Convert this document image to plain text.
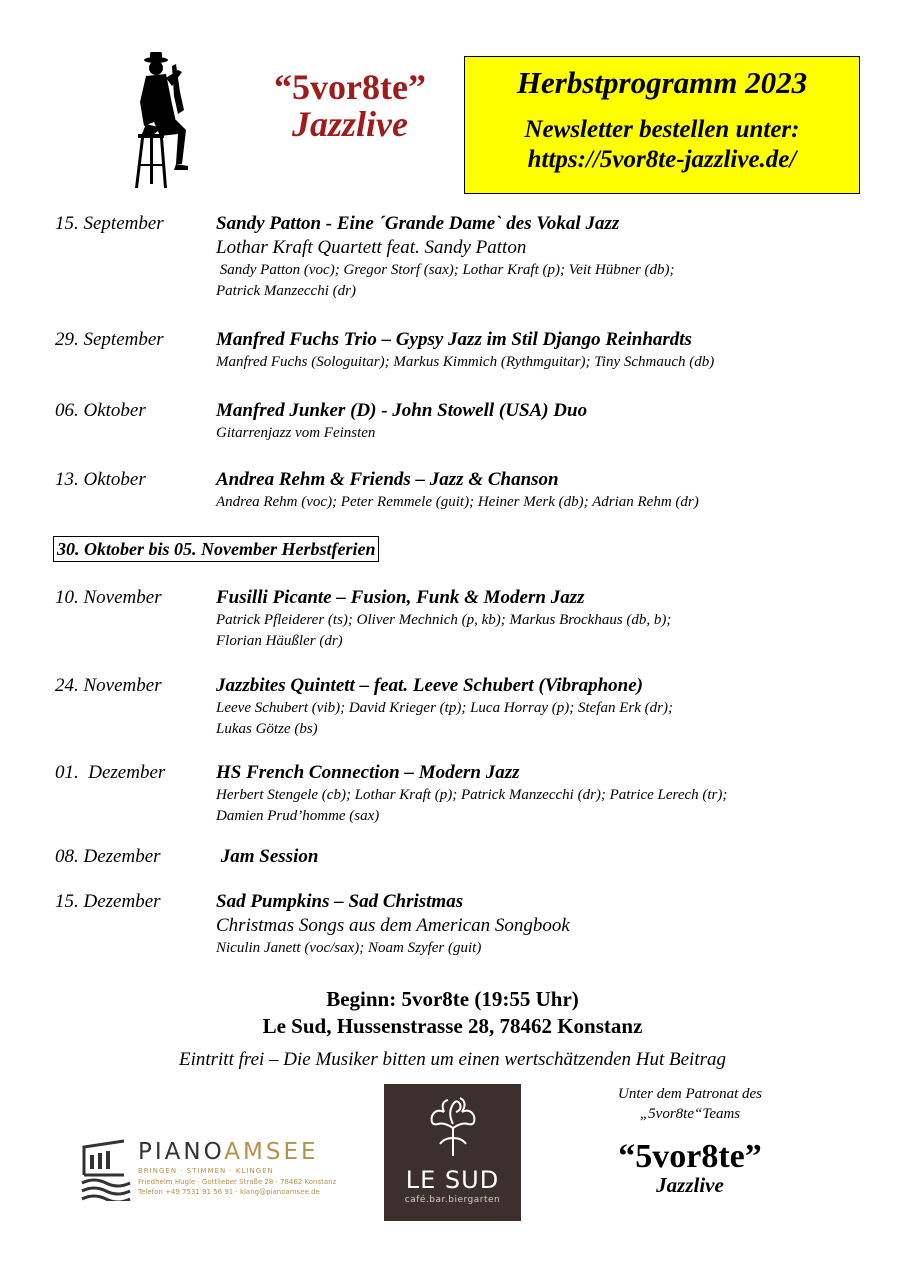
“5vor8te”
Jazzlive
Herbstprogramm 2023
Newsletter bestellen unter:
https://5vor8te-jazzlive.de/
15. September	Sandy Patton - Eine ´Grande Dame` des Vokal Jazz
Lothar Kraft Quartett feat. Sandy Patton
Sandy Patton (voc); Gregor Storf (sax); Lothar Kraft (p); Veit Hübner (db);
Patrick Manzecchi (dr)
29. September	Manfred Fuchs Trio – Gypsy Jazz im Stil Django Reinhardts
Manfred Fuchs (Sologuitar); Markus Kimmich (Rythmguitar); Tiny Schmauch (db)
06. Oktober	Manfred Junker (D) - John Stowell (USA) Duo
Gitarrenjazz vom Feinsten
13. Oktober	Andrea Rehm & Friends – Jazz & Chanson
Andrea Rehm (voc); Peter Remmele (guit); Heiner Merk (db); Adrian Rehm (dr)
30. Oktober bis 05. November Herbstferien
10. November	Fusilli Picante – Fusion, Funk & Modern Jazz
Patrick Pfleiderer (ts); Oliver Mechnich (p, kb); Markus Brockhaus (db, b);
Florian Häußler (dr)
24. November	Jazzbites Quintett – feat. Leeve Schubert (Vibraphone)
Leeve Schubert (vib); David Krieger (tp); Luca Horray (p); Stefan Erk (dr);
Lukas Götze (bs)
01.  Dezember	HS French Connection – Modern Jazz
Herbert Stengele (cb); Lothar Kraft (p); Patrick Manzecchi (dr); Patrice Lerech (tr);
Damien Prud’homme (sax)
08. Dezember	Jam Session
15. Dezember	Sad Pumpkins – Sad Christmas
Christmas Songs aus dem American Songbook
Niculin Janett (voc/sax); Noam Szyfer (guit)
Beginn: 5vor8te (19:55 Uhr)
Le Sud, Hussenstrasse 28, 78462 Konstanz
Eintritt frei – Die Musiker bitten um einen wertschätzenden Hut Beitrag
PIANOAMSEE
BRINGEN · STIMMEN · KLINGEN
Friedhelm Hugle · Gottlieber Straße 28 · 78462 Konstanz
Telefon +49 7531 91 56 91 · klang@pianoamsee.de	LE SUD
café.bar.biergarten
Unter dem Patronat des
„5vor8te“Teams
“5vor8te”
Jazzlive
